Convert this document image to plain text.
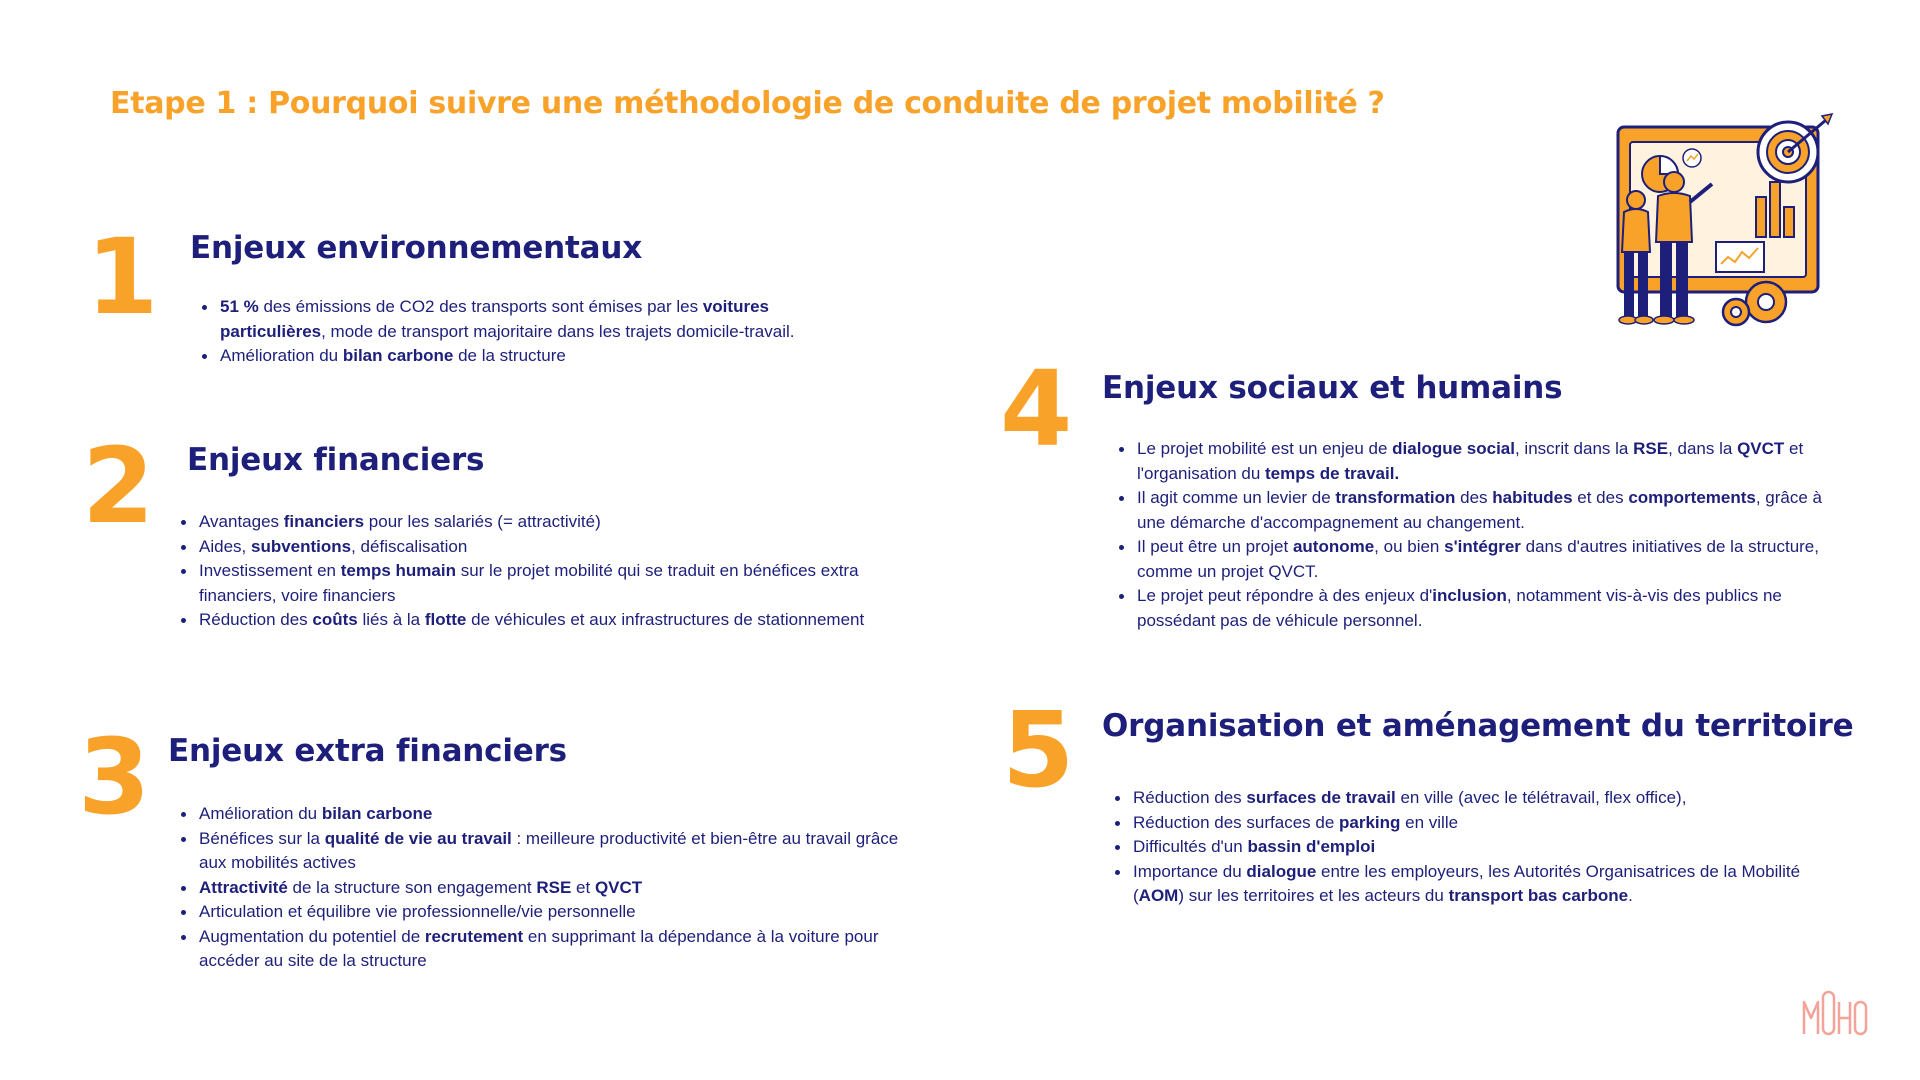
Etape 1 : Pourquoi suivre une méthodologie de conduite de projet mobilité ?
1 Enjeux environnementaux
51 % des émissions de CO2 des transports sont émises par les voitures particulières, mode de transport majoritaire dans les trajets domicile-travail.
Amélioration du bilan carbone de la structure
2 Enjeux financiers
Avantages financiers pour les salariés (= attractivité)
Aides, subventions, défiscalisation
Investissement en temps humain sur le projet mobilité qui se traduit en bénéfices extra financiers, voire financiers
Réduction des coûts liés à la flotte de véhicules et aux infrastructures de stationnement
3 Enjeux extra financiers
Amélioration du bilan carbone
Bénéfices sur la qualité de vie au travail : meilleure productivité et bien-être au travail grâce aux mobilités actives
Attractivité de la structure son engagement RSE et QVCT
Articulation et équilibre vie professionnelle/vie personnelle
Augmentation du potentiel de recrutement en supprimant la dépendance à la voiture pour accéder au site de la structure
4 Enjeux sociaux et humains
Le projet mobilité est un enjeu de dialogue social, inscrit dans la RSE, dans la QVCT et l'organisation du temps de travail.
Il agit comme un levier de transformation des habitudes et des comportements, grâce à une démarche d'accompagnement au changement.
Il peut être un projet autonome, ou bien s'intégrer dans d'autres initiatives de la structure, comme un projet QVCT.
Le projet peut répondre à des enjeux d'inclusion, notamment vis-à-vis des publics ne possédant pas de véhicule personnel.
5 Organisation et aménagement du territoire
Réduction des surfaces de travail en ville (avec le télétravail, flex office),
Réduction des surfaces de parking en ville
Difficultés d'un bassin d'emploi
Importance du dialogue entre les employeurs, les Autorités Organisatrices de la Mobilité (AOM) sur les territoires et les acteurs du transport bas carbone.
